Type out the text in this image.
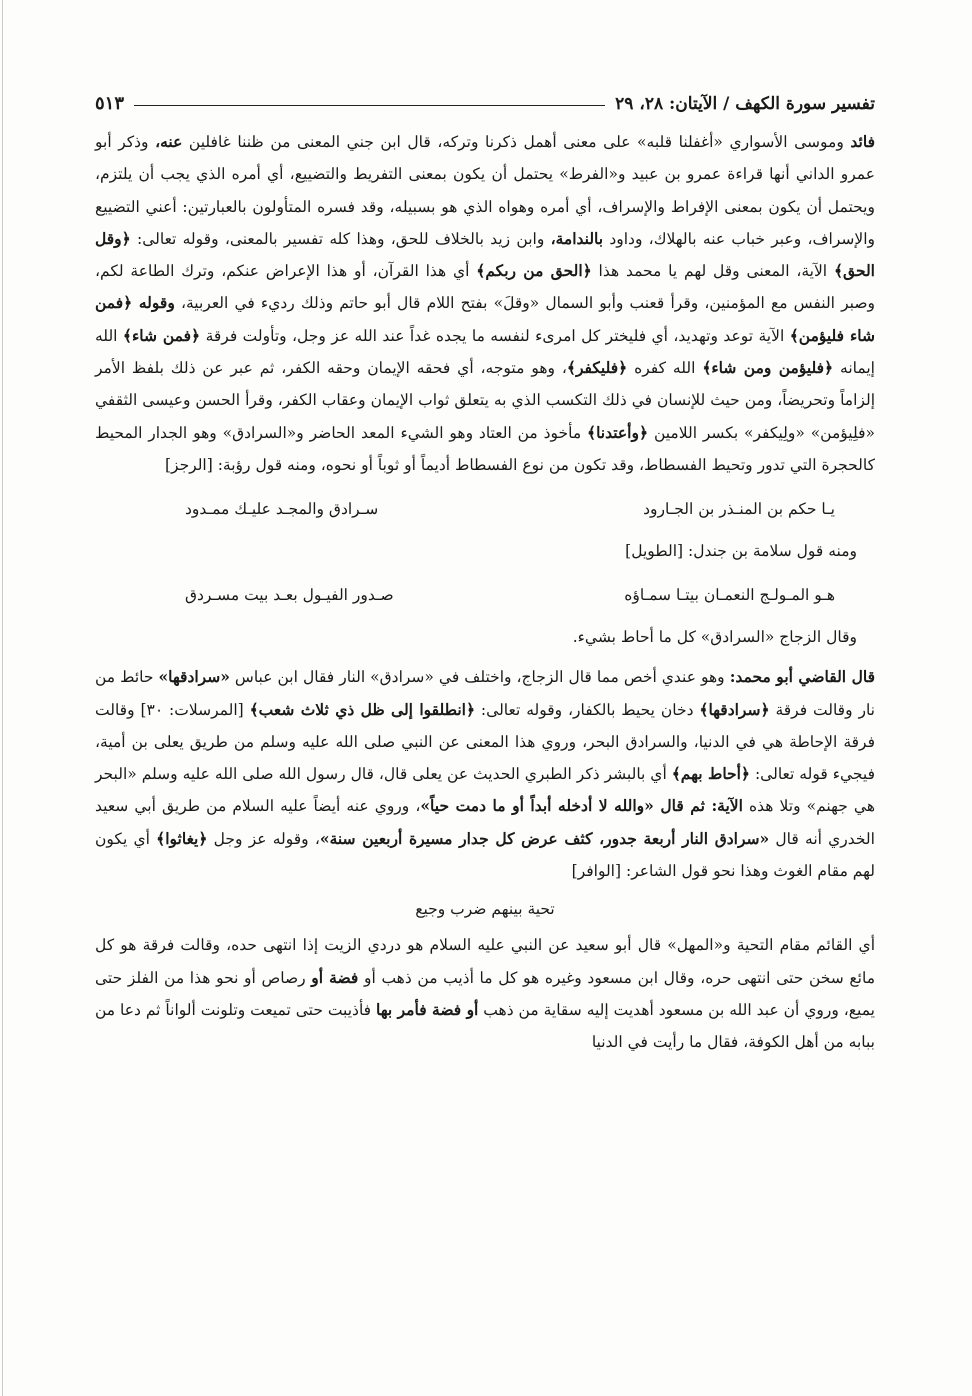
تفسير سورة الكهف / الآيتان: ٢٨، ٢٩
٥١٣

فائد وموسى الأسواري «أغفلنا قلبه» على معنى أهمل ذكرنا وتركه، قال ابن جني المعنى من ظننا غافلين عنه، وذكر أبو عمرو الداني أنها قراءة عمرو بن عبيد و«الفرط» يحتمل أن يكون بمعنى التفريط والتضييع، أي أمره الذي يجب أن يلتزم، ويحتمل أن يكون بمعنى الإفراط والإسراف، أي أمره وهواه الذي هو بسبيله، وقد فسره المتأولون بالعبارتين: أعني التضييع والإسراف، وعبر خباب عنه بالهلاك، وداود بالندامة، وابن زيد بالخلاف للحق، وهذا كله تفسير بالمعنى، وقوله تعالى: ﴿وقل الحق﴾ الآية، المعنى وقل لهم يا محمد هذا ﴿الحق من ربكم﴾ أي هذا القرآن، أو هذا الإعراض عنكم، وترك الطاعة لكم، وصبر النفس مع المؤمنين، وقرأ قعنب وأبو السمال «وقلَ» بفتح اللام قال أبو حاتم وذلك رديء في العربية، وقوله ﴿فمن شاء فليؤمن﴾ الآية توعد وتهديد، أي فليختر كل امرىء لنفسه ما يجده غداً عند الله عز وجل، وتأولت فرقة ﴿فمن شاء﴾ الله إيمانه ﴿فليؤمن ومن شاء﴾ الله كفره ﴿فليكفر﴾، وهو متوجه، أي فحقه الإيمان وحقه الكفر، ثم عبر عن ذلك بلفظ الأمر إلزاماً وتحريضاً، ومن حيث للإنسان في ذلك التكسب الذي به يتعلق ثواب الإيمان وعقاب الكفر، وقرأ الحسن وعيسى الثقفي «فلِيؤمن» «ولِيكفر» بكسر اللامين ﴿وأعتدنا﴾ مأخوذ من العتاد وهو الشيء المعد الحاضر و«السرادق» وهو الجدار المحيط كالحجرة التي تدور وتحيط الفسطاط، وقد تكون من نوع الفسطاط أديماً أو ثوباً أو نحوه، ومنه قول رؤبة: [الرجز]

يـا حكم بن المنـذر بن الجـارود
سـرادق والمجـد عليـك ممـدود

ومنه قول سلامة بن جندل: [الطويل]

هـو المـولـج النعمـان بيتـا سمـاؤه
صـدور الفيـول بعـد بيت مسـردق

وقال الزجاج «السرادق» كل ما أحاط بشيء.

قال القاضي أبو محمد: وهو عندي أخص مما قال الزجاج، واختلف في «سرادق» النار فقال ابن عباس «سرادقها» حائط من نار وقالت فرقة ﴿سرادقها﴾ دخان يحيط بالكفار، وقوله تعالى: ﴿انطلقوا إلى ظل ذي ثلاث شعب﴾ [المرسلات: ٣٠] وقالت فرقة الإحاطة هي في الدنيا، والسرادق البحر، وروي هذا المعنى عن النبي صلى الله عليه وسلم من طريق يعلى بن أمية، فيجيء قوله تعالى: ﴿أحاط بهم﴾ أي بالبشر ذكر الطبري الحديث عن يعلى قال، قال رسول الله صلى الله عليه وسلم «البحر هي جهنم» وتلا هذه الآية: ثم قال «والله لا أدخله أبداً أو ما دمت حياً»، وروي عنه أيضاً عليه السلام من طريق أبي سعيد الخدري أنه قال «سرادق النار أربعة جدور، كثف عرض كل جدار مسيرة أربعين سنة»، وقوله عز وجل ﴿يغاثوا﴾ أي يكون لهم مقام الغوث وهذا نحو قول الشاعر: [الوافر]

تحية بينهم ضرب وجيع

أي القائم مقام التحية و«المهل» قال أبو سعيد عن النبي عليه السلام هو دردي الزيت إذا انتهى حده، وقالت فرقة هو كل مائع سخن حتى انتهى حره، وقال ابن مسعود وغيره هو كل ما أذيب من ذهب أو فضة أو رصاص أو نحو هذا من الفلز حتى يميع، وروي أن عبد الله بن مسعود أهديت إليه سقاية من ذهب أو فضة فأمر بها فأذيبت حتى تميعت وتلونت ألواناً ثم دعا من ببابه من أهل الكوفة، فقال ما رأيت في الدنيا
